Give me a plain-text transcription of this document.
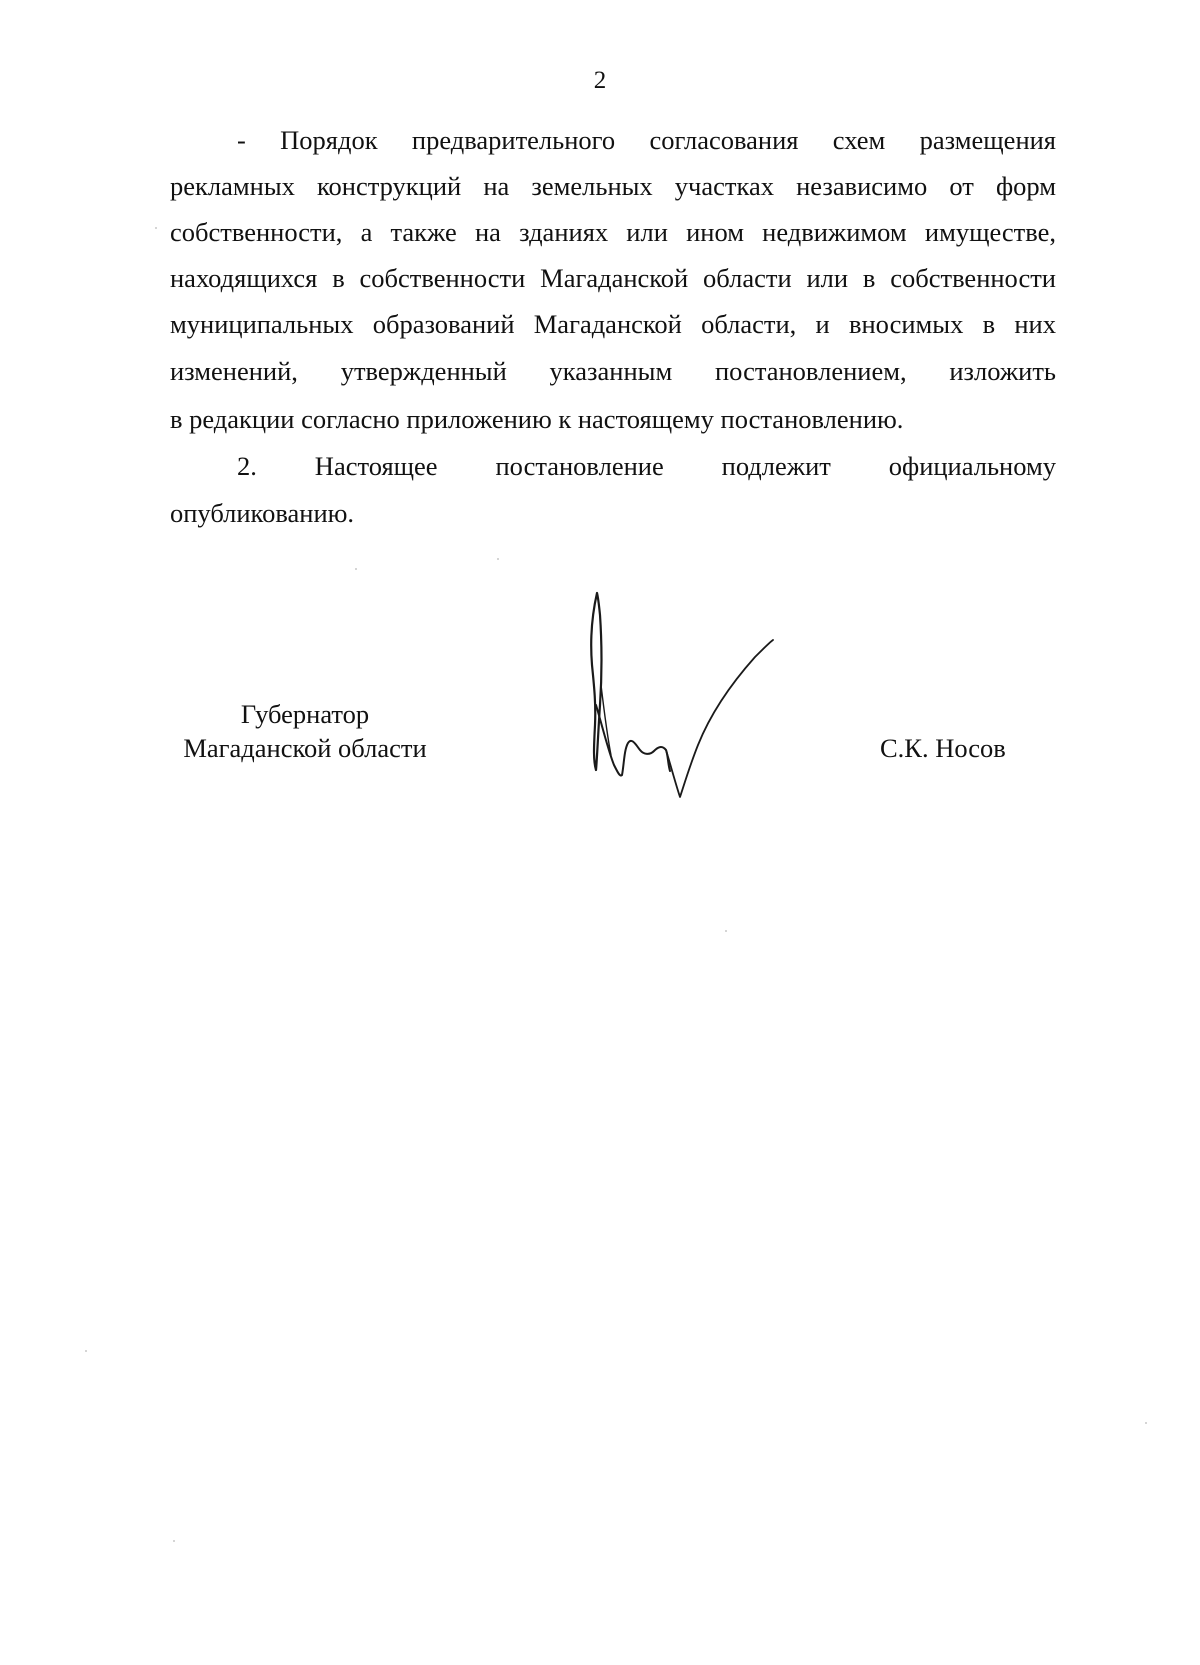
2
- Порядок предварительного согласования схем размещения
рекламных конструкций на земельных участках независимо от форм
собственности, а также на зданиях или ином недвижимом имуществе,
находящихся в собственности Магаданской области или в собственности
муниципальных образований Магаданской области, и вносимых в них
изменений, утвержденный указанным постановлением, изложить
в редакции согласно приложению к настоящему постановлению.
2. Настоящее постановление подлежит официальному
опубликованию.
Губернатор
Магаданской области	С.К. Носов
